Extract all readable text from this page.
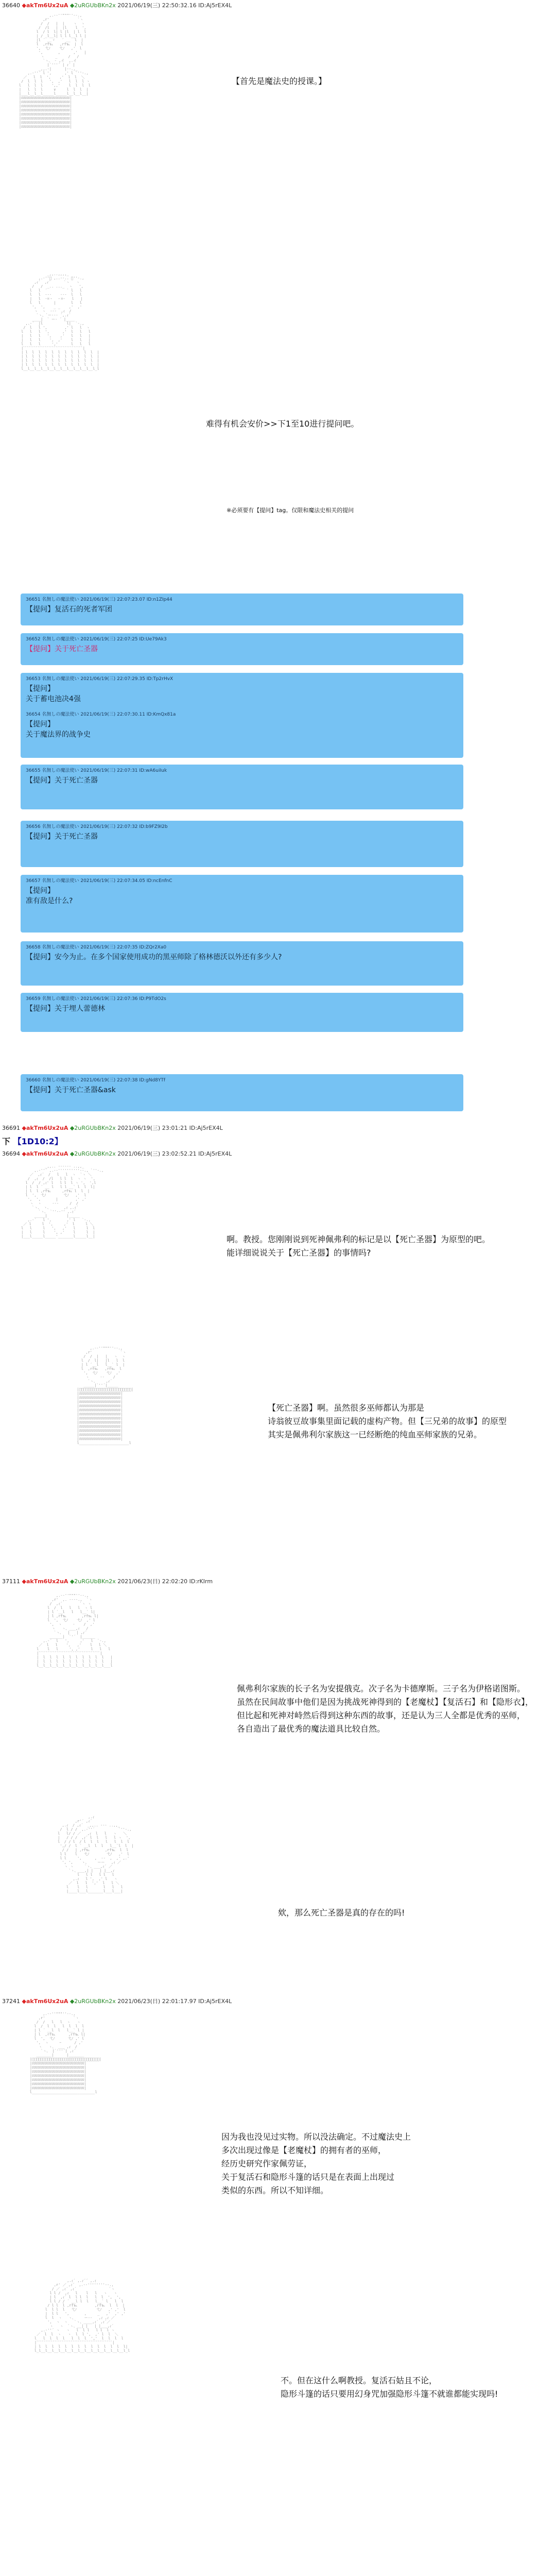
36640 ◆akTm6Ux2uA ◆2uRGUbBKn2x 2021/06/19(三) 22:50:32.16 ID:Aj5rEX4L

,.-‐''"""''‐-.,
,r'             `ヽ
/  /   |  |    ヽ  ヽ
/  /l   |  |l    l  ',
l  / l  l| l |l  | l  l
| / _l__l| l l l__l l |
|l ´ __ヾ   ´ __  l  |
l  ,rf℡   ,rf℡  |  l
',  弋ﾉ    弋ﾉ   ,'  l
',       ,      ,'   |
ヽ     _     /   /
`ヽ、 ‐ ,イ  ,.イ
|`'''´ | ｨ´ |
_,,.-|      |‐-.,_
,.-''´ l ',      ,' l `''-.,
／   l  l  ',    ,'  l  l  ＼
/  l  l  l   ',  ,'   l  l  l ヽ
l   l  l  l    ',,'    l  l  l  l
|   l  l  l     ∨     l  l  l  |
|___l__l__l_____l_____l__l__l__|
|ﾛﾛﾛﾛﾛﾛﾛﾛﾛﾛﾛﾛﾛﾛﾛﾛﾛﾛﾛﾛﾛﾛﾛﾛﾛﾛﾛ|
|ﾛﾛﾛﾛﾛﾛﾛﾛﾛﾛﾛﾛﾛﾛﾛﾛﾛﾛﾛﾛﾛﾛﾛﾛﾛﾛﾛ|
|ﾛﾛﾛﾛﾛﾛﾛﾛﾛﾛﾛﾛﾛﾛﾛﾛﾛﾛﾛﾛﾛﾛﾛﾛﾛﾛﾛ|
|ﾛﾛﾛﾛﾛﾛﾛﾛﾛﾛﾛﾛﾛﾛﾛﾛﾛﾛﾛﾛﾛﾛﾛﾛﾛﾛﾛ|
|ﾛﾛﾛﾛﾛﾛﾛﾛﾛﾛﾛﾛﾛﾛﾛﾛﾛﾛﾛﾛﾛﾛﾛﾛﾛﾛﾛ|
|ﾛﾛﾛﾛﾛﾛﾛﾛﾛﾛﾛﾛﾛﾛﾛﾛﾛﾛﾛﾛﾛﾛﾛﾛﾛﾛﾛ|
|ﾛﾛﾛﾛﾛﾛﾛﾛﾛﾛﾛﾛﾛﾛﾛﾛﾛﾛﾛﾛﾛﾛﾛﾛﾛﾛﾛ|
|ﾛﾛﾛﾛﾛﾛﾛﾛﾛﾛﾛﾛﾛﾛﾛﾛﾛﾛﾛﾛﾛﾛﾛﾛﾛﾛﾛ|

【首先是魔法史的授课。】

_,,..,,,,_
,.-''ﾞ ,..--.. ﾞ''-.,
,ｨ´  ,ｨ´      `ヽ   ヽ
/   /  _.. ..._  ヽ   ',
l   l  ´         ` l   l
l   l  ---    ---  l   l
|   l  -=・  ・=-   l   |
l   l      |       l   l
',  ',    _ _    ,'  ,'
ヽ  ヽ  ‐‐‐  ,ｨ  /
`ヽ、`ー‐‐‐ ´,.ｨ´
____|  ` ー‐ ´ |____
,.-´  |l           l|  `-.,
/  l   l ',        ,' l   l  ヽ
l   l   l  ',      ,'  l   l   l
|   l   l   ',    ,'   l   l   |
|   l   l    ',  ,'    l   l   |
l   l   l     ','      l   l   l
|ﾞﾞﾞﾞﾞﾞﾞﾞﾞﾞﾞﾞﾞﾞﾞﾞﾞﾞﾞﾞﾞﾞﾞﾞﾞﾞﾞﾞﾞﾞﾞﾞﾞ|
| l  l  l  l  l  l  l  l  l  l  l  |
| l  l  l  l  l  l  l  l  l  l  l  |
| l  l  l  l  l  l  l  l  l  l  l  |
| l  l  l  l  l  l  l  l  l  l  l  |
l__l__l__l__l__l__l__l__l__l__l__l_l

难得有机会安价>>下1至10进行提问吧。
※必须要有【提问】tag。仅限和魔法史相关的提问
36651 名無しの魔法使い 2021/06/19(三) 22:07:23.07 ID:n1ZIp44
【提问】复活石的死者军团
36652 名無しの魔法使い 2021/06/19(三) 22:07:25 ID:Ue79Ak3
【提问】关于死亡圣器
36653 名無しの魔法使い 2021/06/19(三) 22:07:29.35 ID:Tp2rHvX
【提问】
关于蓄电池决4强
36654 名無しの魔法使い 2021/06/19(三) 22:07:30.11 ID:KmQx81a
【提问】
关于魔法界的战争史
36655 名無しの魔法使い 2021/06/19(三) 22:07:31 ID:wA6uiIuk
【提问】关于死亡圣器
36656 名無しの魔法使い 2021/06/19(三) 22:07:32 ID:b9FZ9I2b
【提问】关于死亡圣器
36657 名無しの魔法使い 2021/06/19(三) 22:07:34.05 ID:ncEnfnC
【提问】
准有敌是什么?
36658 名無しの魔法使い 2021/06/19(三) 22:07:35 ID:ZQr2Xa0
【提问】安今为止。在多个国家使用成功的黑巫师除了格林德沃以外还有多少人?
36659 名無しの魔法使い 2021/06/19(三) 22:07:36 ID:P9TdO2s
【提问】关于埋人蕾德林
36660 名無しの魔法使い 2021/06/19(三) 22:07:38 ID:gNd8YTf
【提问】关于死亡圣器&ask
36691 ◆akTm6Ux2uA ◆2uRGUbBKn2x 2021/06/19(三) 23:01:21 ID:Aj5rEX4L
下 【1D10:2】
36694 ◆akTm6Ux2uA ◆2uRGUbBKn2x 2021/06/19(三) 23:02:52.21 ID:Aj5rEX4L

_,,.. --‐‐-- ..,,_
,.-''´ ,.-‐''''''''''‐-., `''-.,
／  ,ｨ´  /   l   l  ヽ  `ヽ ＼
/  ,ｨ  /  /l   l l  l  ヽ ヽ  ',
l  /  / ,ｨ' l   l l  l ヽ ',  ',l
| l  l ´ __ l   l l __` l  l  l|
| l  l ,rf℡     ,rf℡ l  l  |
l  ',  弋ﾉ        弋ﾉ   ,'  l
',  ',       |        ,' ,'
ヽ  ヽ     ‐‐‐     /  /
`ヽ、 ヽ、      ,ｨ ,.ｨ´
`ヽ、 `''‐‐'' ,.ｨ´
_____|         |_____
,.-´   l ',       ,' l   `-.,
／ l     l  ',     ,'  l     l ＼
l   l     l   ',   ,'   l     l  l
|   l     l    ', ,'    l     l  |
|___l_____l_____'_______l_____l__|	啊。教授。您刚刚说到死神佩弗利的标记是以【死亡圣器】为原型的吧。
能详细说说关于【死亡圣器】的事情吗?

,.-‐''"""''‐-.,
,r'             `ヽ
/  /  |   |   ヽ  ヽ
l  /  l|   |l   l  l
| l ´__l   l__` l  |
l  ,rf℡   ,rf℡  l
',  弋ﾉ    弋ﾉ  ,'
ヽ     ‐‐    /
`ヽ、    ,ｨ´
_____|`''´|_____
|ﾞﾞﾞﾞﾞﾞﾞﾞﾞﾞﾞﾞﾞﾞﾞﾞﾞﾞﾞﾞﾞﾞﾞﾞ|
|ﾛﾛﾛﾛﾛﾛﾛﾛﾛﾛﾛﾛﾛﾛﾛﾛﾛﾛﾛﾛﾛﾛﾛ|
|ﾛﾛﾛﾛﾛﾛﾛﾛﾛﾛﾛﾛﾛﾛﾛﾛﾛﾛﾛﾛﾛﾛﾛ|
|ﾛﾛﾛﾛﾛﾛﾛﾛﾛﾛﾛﾛﾛﾛﾛﾛﾛﾛﾛﾛﾛﾛﾛ|
|ﾛﾛﾛﾛﾛﾛﾛﾛﾛﾛﾛﾛﾛﾛﾛﾛﾛﾛﾛﾛﾛﾛﾛ|
|ﾛﾛﾛﾛﾛﾛﾛﾛﾛﾛﾛﾛﾛﾛﾛﾛﾛﾛﾛﾛﾛﾛﾛ|
|ﾛﾛﾛﾛﾛﾛﾛﾛﾛﾛﾛﾛﾛﾛﾛﾛﾛﾛﾛﾛﾛﾛﾛ|
|ﾛﾛﾛﾛﾛﾛﾛﾛﾛﾛﾛﾛﾛﾛﾛﾛﾛﾛﾛﾛﾛﾛﾛ|
|ﾛﾛﾛﾛﾛﾛﾛﾛﾛﾛﾛﾛﾛﾛﾛﾛﾛﾛﾛﾛﾛﾛﾛ|
|ﾛﾛﾛﾛﾛﾛﾛﾛﾛﾛﾛﾛﾛﾛﾛﾛﾛﾛﾛﾛﾛﾛﾛ|
|ﾛﾛﾛﾛﾛﾛﾛﾛﾛﾛﾛﾛﾛﾛﾛﾛﾛﾛﾛﾛﾛﾛﾛ|
|ﾛﾛﾛﾛﾛﾛﾛﾛﾛﾛﾛﾛﾛﾛﾛﾛﾛﾛﾛﾛﾛﾛﾛ|
|ﾛﾛﾛﾛﾛﾛﾛﾛﾛﾛﾛﾛﾛﾛﾛﾛﾛﾛﾛﾛﾛﾛﾛ|
l_______________________l

【死亡圣器】啊。虽然很多巫师都认为那是
诗翁彼豆故事集里面记载的虚构产物。但【三兄弟的故事】的原型
其实是佩弗利尔家族这一已经断绝的纯血巫师家族的兄弟。
37111 ◆akTm6Ux2uA ◆2uRGUbBKn2x 2021/06/23(日) 22:02:20 ID:rKIrm

,.-‐''"""''‐-.,
,r'  ,. -‐‐-.,  `ヽ
/  ,ｨ´        `ヽ ヽ
l  /  l   l   l  ヽ l
| l ´__l   l   l__` l|
| l ,rf℡       ,rf℡ l|
l  ',  弋ﾉ    弋ﾉ  ,' l
',  ヽ     ‐    /  ,'
ヽ   ヽ、___,ｨ   /
`ヽ、  |   | ,ｨ´
______|  `'´  |______
,.-´  l   ',     ,'   l  `-.,
／  l   l    ',   ,'    l   l ＼
l    l   l     ', ,'     l   l   l
|ﾞﾞﾞﾞﾞﾞﾞﾞﾞﾞﾞﾞﾞﾞﾞﾞﾞﾞﾞﾞﾞﾞﾞﾞﾞﾞﾞﾞﾞﾞﾞﾞﾞﾞ|
|  l  l  l  l  l  l  l  l  l  l   |
|  l  l  l  l  l  l  l  l  l  l   |
l__l__l__l__l__l__l__l__l__l__l___l

佩弗利尔家族的长子名为安提俄克。次子名为卡德摩斯。三子名为伊格诺图斯。
虽然在民间故事中他们是因为挑战死神得到的【老魔杖】【复活石】和【隐形衣】，
但比起和死神对峙然后得到这种东西的故事，还是认为三人全都是优秀的巫师，
各自造出了最优秀的魔法道具比较自然。

,.ｨ
,r'´ ,ｨ´
,.ｨ  / ,ｨ´  _,,.. ‐‐- ..,,_
/  l / /  ,.-''´           `''-.,
l   l/ / ／   ,ｨ  l   l   ヽ   ＼
|   / / /  ,ｨ´ l  l   l   l ヽ  ',
l  / / l  / l  l  l   l   l  l  l
',/ /  l ´ __l  l  l   l__`l  l  |
/ /   | ,rf℡       ,rf℡  l  l
l l    l   弋ﾉ        弋ﾉ   ,'  l
l l     ',      ,  -‐  ,  ,' ,.'
', ',    ヽ、    ーー   ,ｨ ／
ヽ ヽ     `ヽ、___,ｨ´ ／
`ヽ、___,| |   | |__,ｨ
l   l l   l l   l
,.ｨ   l ',  ,' l   ヽ
／  l   l  ','  l   l ＼
l    l   l       l   l   l
|____l___l_______l___l___|

欸，那么死亡圣器是真的存在的吗!
37241 ◆akTm6Ux2uA ◆2uRGUbBKn2x 2021/06/23(日) 22:01:17.97 ID:Aj5rEX4L

,.-‐''"""''‐-.,
,r'             `ヽ
/  /   l   l  ヽ   ヽ
l  /  l  l   l  l  l  l
| l ´ __l  l   l__` l |
| l  ,rf℡      ,rf℡ l|
l  ',  弋ﾉ      弋ﾉ ,' l
',  ヽ     ｰ      / ,'
ヽ   ヽ、 ___ ,ｨ  /
`ヽ、 |`'''´| ,ｨ´
_______|      |_______
|ﾞﾞﾞﾞﾞﾞﾞﾞﾞﾞﾞﾞﾞﾞﾞﾞﾞﾞﾞﾞﾞﾞﾞﾞﾞﾞﾞﾞﾞﾞﾞ|
|ﾛﾛﾛﾛﾛﾛﾛﾛﾛﾛﾛﾛﾛﾛﾛﾛﾛﾛﾛﾛﾛﾛﾛﾛﾛﾛﾛﾛﾛ|
|ﾛﾛﾛﾛﾛﾛﾛﾛﾛﾛﾛﾛﾛﾛﾛﾛﾛﾛﾛﾛﾛﾛﾛﾛﾛﾛﾛﾛﾛ|
|ﾛﾛﾛﾛﾛﾛﾛﾛﾛﾛﾛﾛﾛﾛﾛﾛﾛﾛﾛﾛﾛﾛﾛﾛﾛﾛﾛﾛﾛ|
|ﾛﾛﾛﾛﾛﾛﾛﾛﾛﾛﾛﾛﾛﾛﾛﾛﾛﾛﾛﾛﾛﾛﾛﾛﾛﾛﾛﾛﾛ|
|ﾛﾛﾛﾛﾛﾛﾛﾛﾛﾛﾛﾛﾛﾛﾛﾛﾛﾛﾛﾛﾛﾛﾛﾛﾛﾛﾛﾛﾛ|
|ﾛﾛﾛﾛﾛﾛﾛﾛﾛﾛﾛﾛﾛﾛﾛﾛﾛﾛﾛﾛﾛﾛﾛﾛﾛﾛﾛﾛﾛ|
|ﾛﾛﾛﾛﾛﾛﾛﾛﾛﾛﾛﾛﾛﾛﾛﾛﾛﾛﾛﾛﾛﾛﾛﾛﾛﾛﾛﾛﾛ|
l_____________________________l

因为我也没见过实物。所以没法确定。不过魔法史上
多次出现过像是【老魔杖】的拥有者的巫师，
经历史研究作家佩劳证，
关于复活石和隐形斗篷的话只是在表面上出现过
类似的东西。所以不知详细。

,.ｨ´ ,.ｨ´´ ,.ｨ
,r' ／ ,ｨ´  ,.-‐''''''''‐-.,
/ ／ ,ｨ´ ,ｨ´               `ヽ
l l /  ,ｨ   l    l   l   ヽ   ヽ
| l  ,ｨ´ l  l l  l   l  l  ',  ',
l l / / ´ __l l  l   l__` l   l  l
/ l l  l ,rf℡        ,rf℡  l  l  |
l  l l  l   弋ﾉ         弋ﾉ   ,' ,'  l
|  l l   ',       ,     _   ,'  ,' ,'
l  l  ヽ   ヽ、    ー‐‐   ,ｨ ,ｨ ／
',  ヽ  ヽ   `ヽ、____,ｨ´ ,ｨ´／
ヽ   ヽ  `ヽ、__| |   | |___,ｨ´
,.-''´ ヽ   ヽ   l  l l   l l  l ヽ
／  l  l  ヽ   ヽ  l  l ',  ,' l  l  ＼
l   l  l  l  l   l  l  l  ','  l  l  l  l
|ﾞﾞﾞﾞﾞﾞﾞﾞﾞﾞﾞﾞﾞﾞﾞﾞﾞﾞﾞﾞﾞﾞﾞﾞﾞﾞﾞﾞﾞﾞﾞﾞﾞﾞﾞﾞﾞﾞﾞﾞﾞﾞ|
| l  l  l  l  l  l  l  l  l  l  l  l  l  l|
l_l__l__l__l__l__l__l__l__l__l__l__l__l__l_l

不。但在这什么啊教授。复活石姑且不论，
隐形斗篷的话只要用幻身咒加强隐形斗篷不就谁都能实现吗!
